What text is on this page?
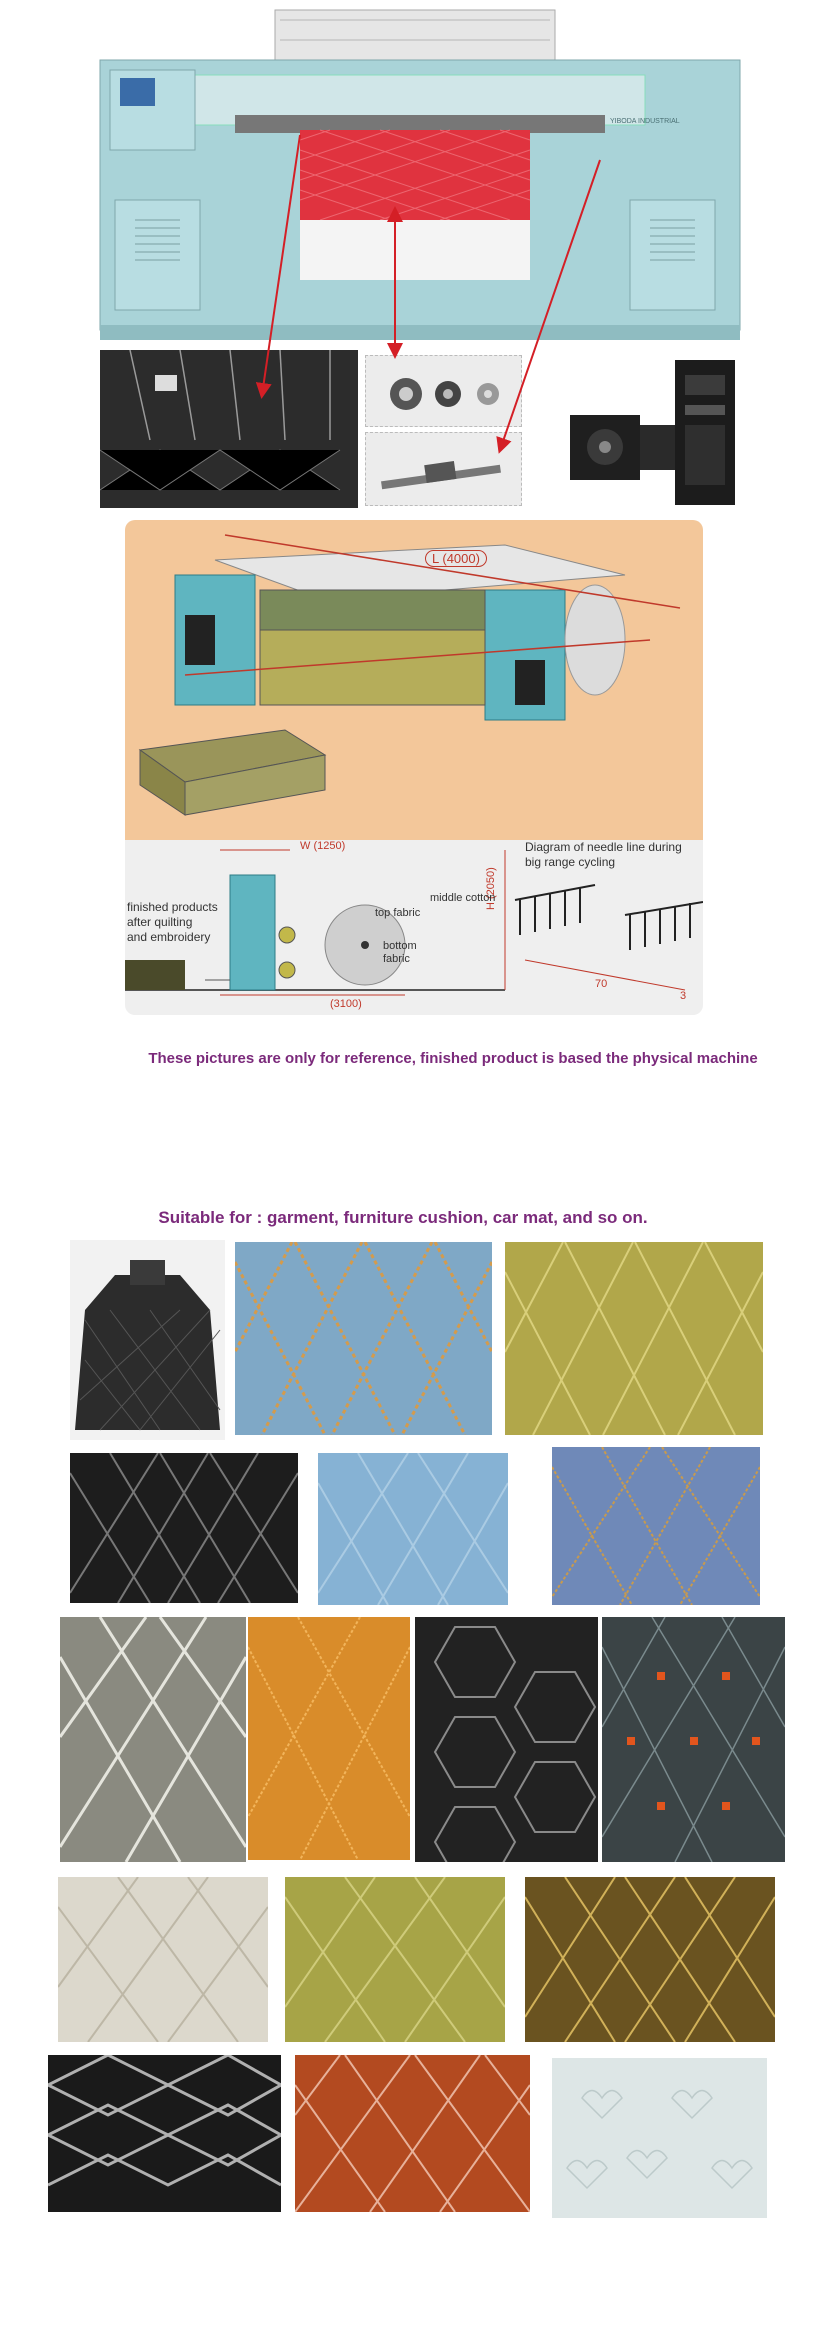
YIBODA INDUSTRIAL
L (4000)
W (1250)
(3100)
H (2050)
Diagram of needle line during
big range cycling
finished products
after quilting
and embroidery
top fabric
middle cotton
bottom
fabric
70
3
These pictures are only for reference, finished product is based the physical machine
Suitable for : garment, furniture cushion, car mat, and so on.
